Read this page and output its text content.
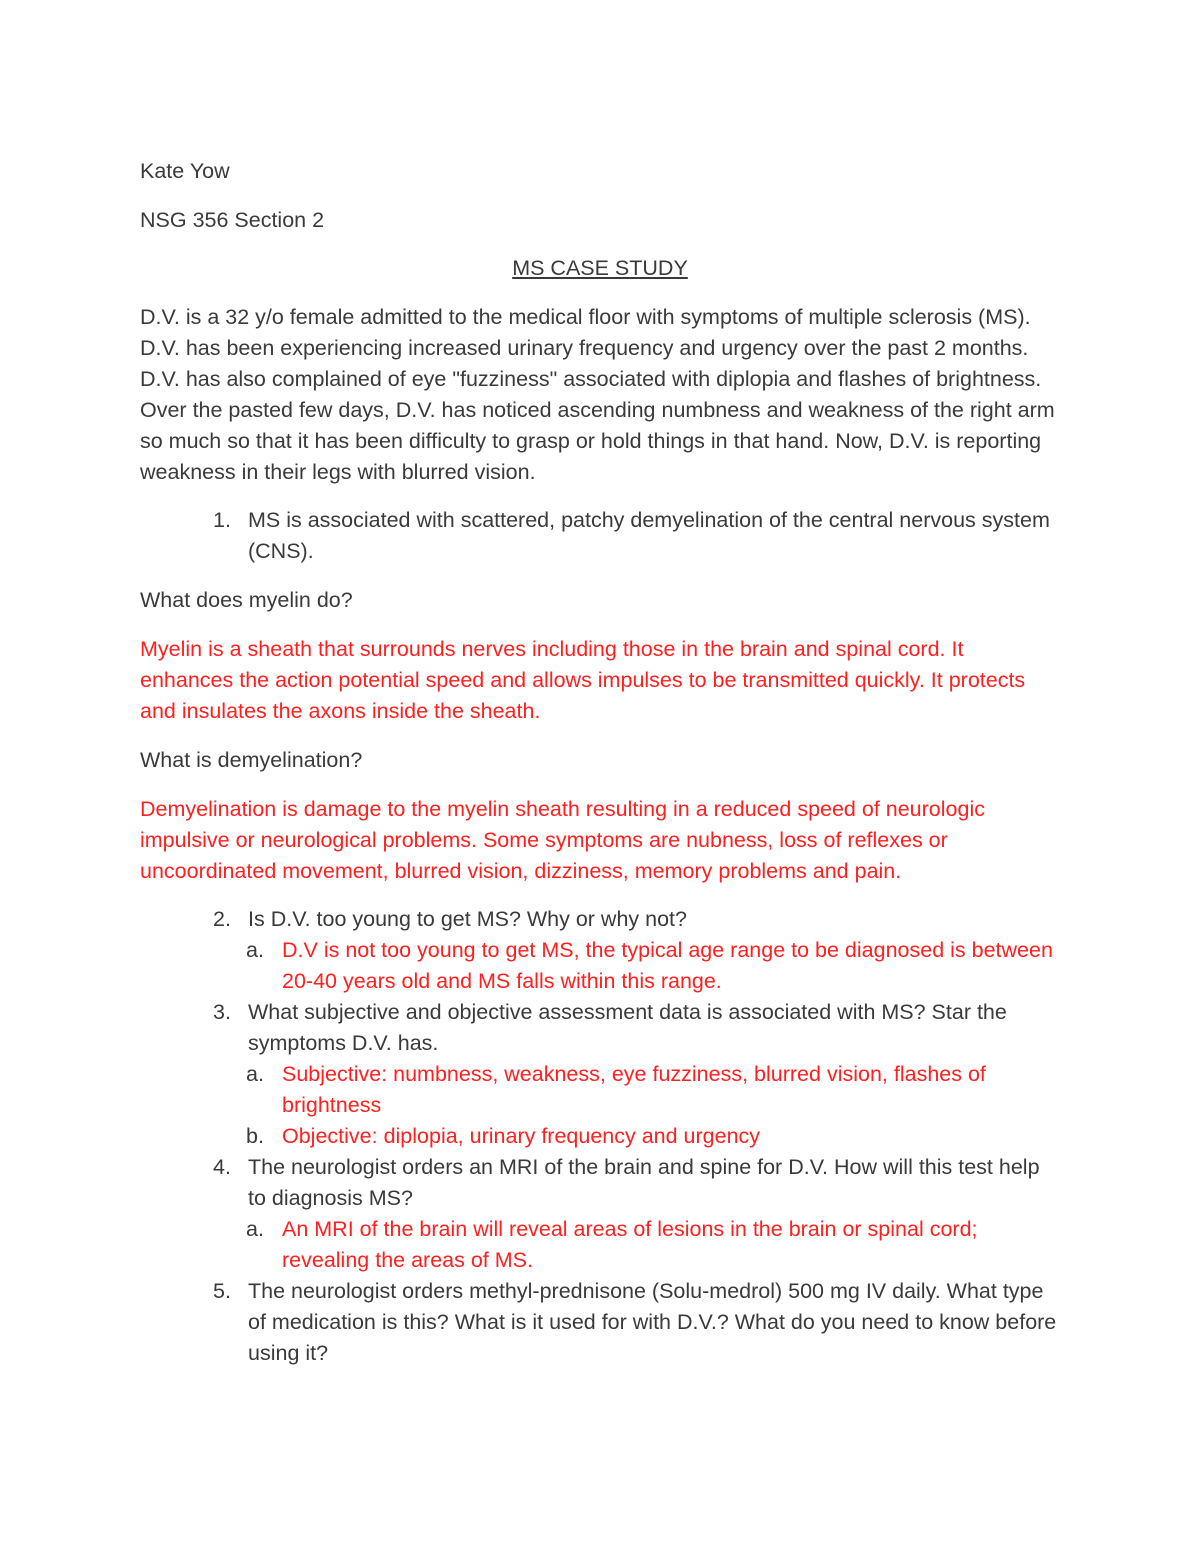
Kate Yow

NSG 356 Section 2

MS CASE STUDY

D.V. is a 32 y/o female admitted to the medical floor with symptoms of multiple sclerosis (MS). D.V. has been experiencing increased urinary frequency and urgency over the past 2 months. D.V. has also complained of eye "fuzziness" associated with diplopia and flashes of brightness. Over the pasted few days, D.V. has noticed ascending numbness and weakness of the right arm so much so that it has been difficulty to grasp or hold things in that hand. Now, D.V. is reporting weakness in their legs with blurred vision.

1. MS is associated with scattered, patchy demyelination of the central nervous system (CNS).

What does myelin do?

Myelin is a sheath that surrounds nerves including those in the brain and spinal cord. It enhances the action potential speed and allows impulses to be transmitted quickly. It protects and insulates the axons inside the sheath.

What is demyelination?

Demyelination is damage to the myelin sheath resulting in a reduced speed of neurologic impulsive or neurological problems. Some symptoms are nubness, loss of reflexes or uncoordinated movement, blurred vision, dizziness, memory problems and pain.

2. Is D.V. too young to get MS? Why or why not?
a. D.V is not too young to get MS, the typical age range to be diagnosed is between 20-40 years old and MS falls within this range.
3. What subjective and objective assessment data is associated with MS? Star the symptoms D.V. has.
a. Subjective: numbness, weakness, eye fuzziness, blurred vision, flashes of brightness
b. Objective: diplopia, urinary frequency and urgency
4. The neurologist orders an MRI of the brain and spine for D.V. How will this test help to diagnosis MS?
a. An MRI of the brain will reveal areas of lesions in the brain or spinal cord; revealing the areas of MS.
5. The neurologist orders methyl-prednisone (Solu-medrol) 500 mg IV daily. What type of medication is this? What is it used for with D.V.? What do you need to know before using it?
